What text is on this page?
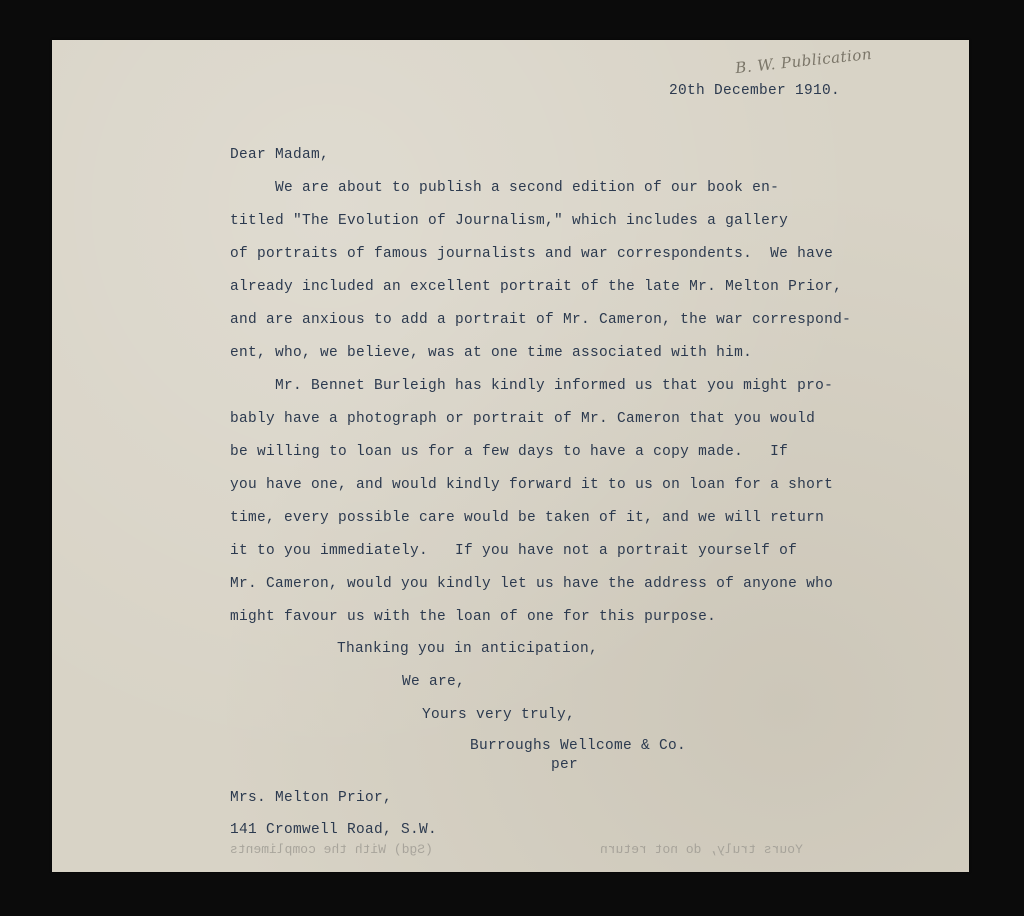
B. W. Publication
20th December 1910.
Dear Madam,
We are about to publish a second edition of our book en-
titled "The Evolution of Journalism," which includes a gallery
of portraits of famous journalists and war correspondents.  We have
already included an excellent portrait of the late Mr. Melton Prior,
and are anxious to add a portrait of Mr. Cameron, the war correspond-
ent, who, we believe, was at one time associated with him.
Mr. Bennet Burleigh has kindly informed us that you might pro-
bably have a photograph or portrait of Mr. Cameron that you would
be willing to loan us for a few days to have a copy made.   If
you have one, and would kindly forward it to us on loan for a short
time, every possible care would be taken of it, and we will return
it to you immediately.   If you have not a portrait yourself of
Mr. Cameron, would you kindly let us have the address of anyone who
might favour us with the loan of one for this purpose.
Thanking you in anticipation,
We are,
Yours very truly,
Burroughs Wellcome & Co.
per
Mrs. Melton Prior,
141 Cromwell Road, S.W.
(Sgd) With the compliments	Yours truly, do not return
